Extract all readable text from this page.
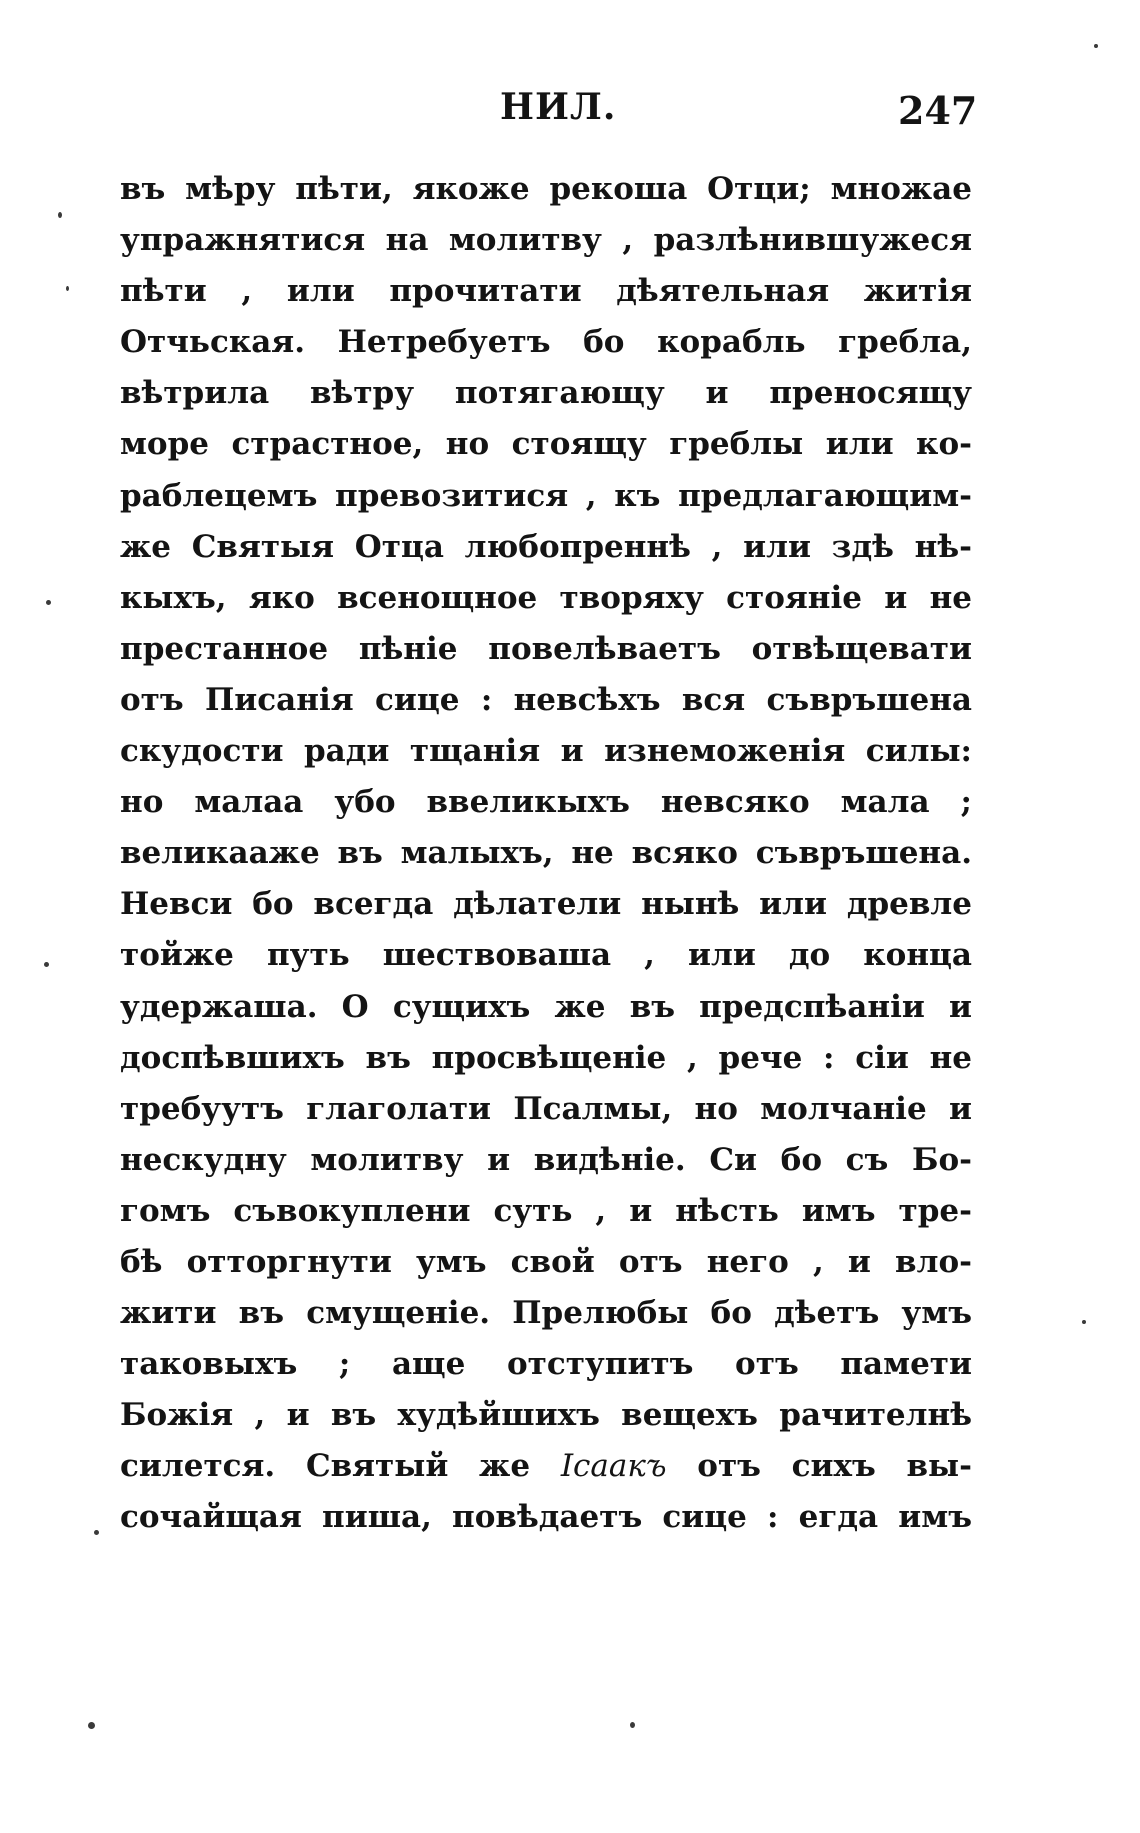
НИЛ.	247
въ мѣру пѣти, якоже рекоша Отци; множае
упражнятися на молитву , разлѣнившужеся
пѣти , или прочитати дѣятельная житія
Отчьская. Нетребуетъ бо корабль гребла,
вѣтрила вѣтру потягающу и преносящу
море страстное, но стоящу греблы или ко-
раблецемъ превозитися , къ предлагающим-
же Святыя Отца любопреннѣ , или здѣ нѣ-
кыхъ, яко всенощное творяху стояніе и не
престанное пѣніе повелѣваетъ отвѣщевати
отъ Писанія сице : невсѣхъ вся съвръшена
скудости ради тщанія и изнеможенія силы:
но малаа убо ввеликыхъ невсяко мала ;
великааже въ малыхъ, не всяко съвръшена.
Невси бо всегда дѣлатели нынѣ или древле
тойже путь шествоваша , или до конца
удержаша. О сущихъ же въ предспѣаніи и
доспѣвшихъ въ просвѣщеніе , рече : сіи не
требуутъ глаголати Псалмы, но молчаніе и
нескудну молитву и видѣніе. Си бо съ Бо-
гомъ съвокуплени суть , и нѣсть имъ тре-
бѣ отторгнути умъ свой отъ него , и вло-
жити въ смущеніе. Прелюбы бо дѣетъ умъ
таковыхъ ; аще отступитъ отъ памети
Божія , и въ худѣйшихъ вещехъ рачителнѣ
силется. Святый же Ісаакъ отъ сихъ вы-
сочайщая пиша, повѣдаетъ сице : егда имъ
